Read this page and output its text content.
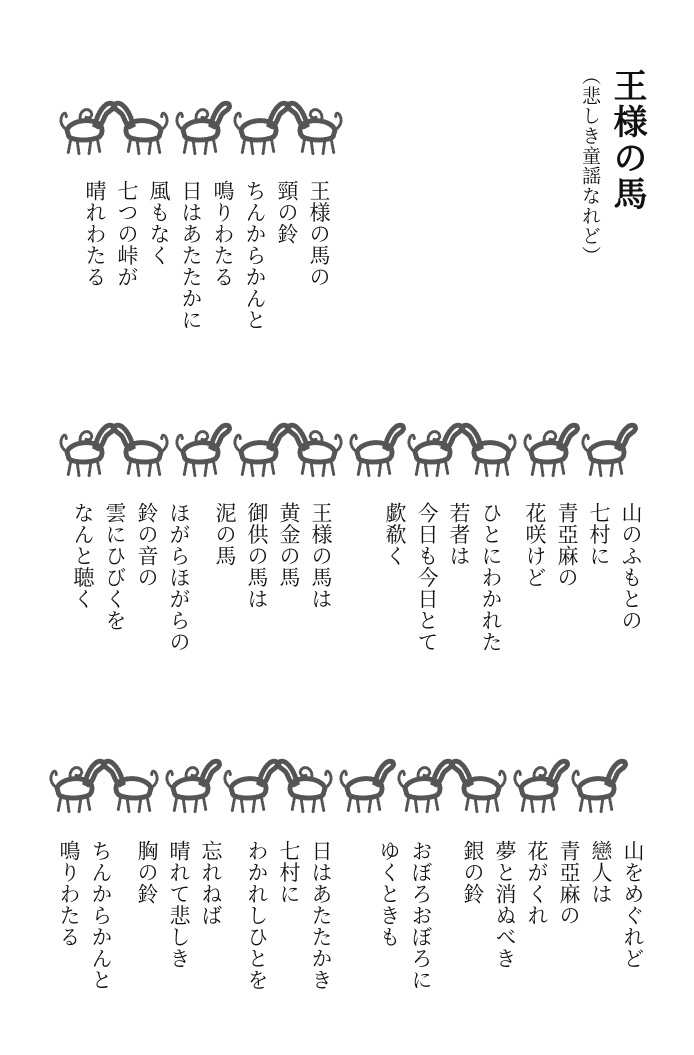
王様の馬
（悲しき童謡なれど）
王様の馬の
頸の鈴
ちんからかんと
鳴りわたる
日はあたたかに
風もなく
七つの峠が
晴れわたる
山のふもとの
七村に
青亞麻の
花咲けど
ひとにわかれた
若者は
今日も今日とて
歔欷く
王様の馬は
黄金の馬
御供の馬は
泥の馬
ほがらほがらの
鈴の音の
雲にひびくを
なんと聴く
山をめぐれど
戀人は
青亞麻の
花がくれ
夢と消ぬべき
銀の鈴
おぼろおぼろに
ゆくときも
日はあたたかき
七村に
わかれしひとを
忘れねば
晴れて悲しき
胸の鈴
ちんからかんと
鳴りわたる
